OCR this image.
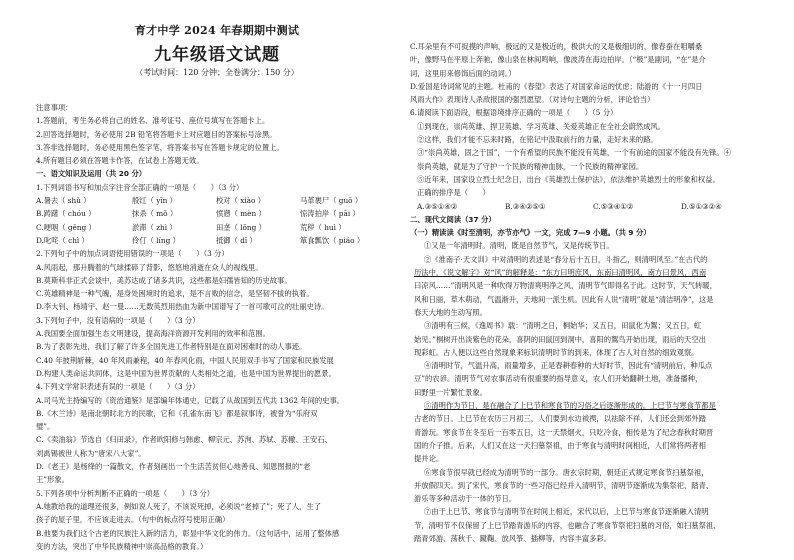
育才中学 2024 年春期期中测试
九年级语文试题
（考试时间：120 分钟；全卷满分：150 分）
注意事项：
1.答题前，考生务必将自己的姓名、准考证号、座位号填写在答题卡上。
2.回答选择题时，务必使用 2B 铅笔将答题卡上对应题目的答案标号涂黑。
3.答非选择题时，务必使用黑色签字笔，将答案书写在答题卡规定的位置上。
4.所有题目必须在答题卡作答，在试卷上答题无效。
一、语文知识及运用（共 20 分）
1.下列词语书写和加点字注音全部正确的一项是（　　）（3 分）
A.暑去（ shǔ ）	殷红（ yīn ）	校对（ xiào ）	马革裹尸（ guǒ ）
B.踌躇（ chóu ）	抹杀（ mǒ ）	愤懑（ mèn ）	惊涛拍岸（ pāi ）
C.哽咽（ gěng ）	淤滞（ zhì ）	田垄（ lǒng ）	荒秽（ huì ）
D.叱咤（ chì ）	伶仃（ líng ）	抵御（ dǐ ）	箪食瓢饮（ piáo ）
2.下列句子中的加点词语使用错误的一项是（　　）（3 分）
A.风雨起，那升腾着的气球揉碎了背影，悠悠地消逝在众人的视线里。
B.莫斯科非正式会谈中，美苏达成了诸多共识，这些都是妇孺皆知的历史故事。
C.英雄精神是一种气魄，是身处困境时的追求，是不言败的信念，是坚韧不拔的执着。
D.李大钊、杨靖宇、赵一曼……无数英烈用热血为新中国谱写了一首可歌可泣的壮丽史诗。
3.下列句子中，没有语病的一项是（　　）（3 分）
A.我国要全面加强生态文明建设，提高海洋资源开发利用的效率和范围。
B.为了表彰先进，我们了解了许多全国先进工作者特别是在面对困难时的动人事迹。
C.40 年披荆斩棘，40 年风雨兼程，40 年春风化雨，中国人民用双手书写了国家和民族发展
D.构建人类命运共同体，这是中国为世界贡献的人类相处之道，也是中国为世界提出的愿景。
4.下列文学常识表述有误的一项是（　　）（3 分）
A.司马光主持编写的《资治通鉴》是部编年体通史，记载了从战国到五代共 1362 年间的史事。
B.《木兰诗》是南北朝时北方的民歌，它和《孔雀东南飞》都是叙事诗，被誉为“乐府双
璧”。
C.《卖油翁》节选自《归田录》，作者欧阳修与韩愈、柳宗元、苏洵、苏轼、苏辙、王安石、
刘禹锡被世人称为“唐宋八大家”。
D.《老王》是杨绛的一篇散文，作者刻画出一个生活苦贫但心地善良、知恩图报的“老
王”形象。
5.下列各项中分析判断不正确的一项是（　　）（3 分）
A.她教给我的道理还很多，例如说人死了，不该说死掉，必须说“老掉了”；死了人，生了
孩子的屋子里，不应该走进去。（句中的标点符号使用正确）
B.他要为我们这个古老的民族注入新的活力，彰显中华文化的伟力。（这句话中，运用了整体感
变的方法，突出了中华民族精神中崇高品格的教育。）
C.耳朵里有不可捉摸的声响，极远的又是极近的，极洪大的又是极细切的，像春蚕在咀嚼桑
叶，像野马在平原上奔驰，像山泉在林间鸣响，像波涛在海边拍岸。（“极”是副词，“在”是介
词，这里用来修饰后面的动词。）
D.爱国是诗词常见的主题。杜甫的《春望》表达了对国家命运的忧虑；陆游的《十一月四日
风雨大作》表现诗人杀敌报国的强烈愿望。（对诗句主题的分析，评论恰当）
6.请阅读下面语段，根据语境排序正确的一项是（　　）（5 分）
①到现在，崇尚英雄、捍卫英雄、学习英雄、关爱英雄正在全社会蔚然成风。
②这样，我们才能不忘来时路，在铭记中汲取前行的力量，走好未来的路。
③“崇尚英雄，固之于国”，一个有希望的民族不能没有英雄，一个有前途的国家不能没有先锋。④
崇尚英雄，就是为了守护一个民族的精神血脉，一个民族的精神家园。
⑤近年来，国家设立烈士纪念日，出台《英雄烈士保护法》，依法维护英雄烈士的形象和权益。
正确的排序是（　　）
A.③⑤①④②	B.③④②⑤①	C.⑤③④①②	D.⑤①③②④
二、现代文阅读（37 分）
（一）精读读《时至清明，亦节亦气》一文，完成 7—9 小题。（共 9 分）
①又是一年清明时。清明，既是自然节气，又是传统节日。
②《淮南子·天文训》中对清明的表述是“春分后十五日，斗指乙，则清明风至。”在古代的
历法中，《说文解字》对“风”的解释是：“东方曰明庶风，东南曰清明风，南方曰景风，西南
曰凉风……”清明风是一种吹得万物清爽明净之风，清明节气即得名于此。这时节，天气转暖，
风和日丽，草木萌动，气温渐升，天地间一派生机。因此有人说“清明”就是“清洁明净”，这是
春天大地的生动写照。
③清明有三候，《逸周书》载：“清明之日，桐始华；又五日，田鼠化为鴽；又五日，虹
始见。”桐树开出淡紫色的花朵，喜阴的田鼠回到洞中，喜阳的鴽鸟开始出现，雨后的天空出
现彩虹。古人便以这些自然现象来标识清明时节的到来，体现了古人对自然的细致观察。
④清明时节，气温升高，雨量增多，正是春耕春种的大好时节，因此有“清明前后，种瓜点
豆”的农谚。清明节气对农事活动有很重要的指导意义，农人们开始翻耕土地，准备播种，
田野里一片繁忙景象。
⑤清明作为节日，是在融合了上巳节和寒食节的习俗之后逐渐形成的。上巳节与寒食节都是
古老的节日。上巳节在农历三月初三，人们要到水边祓禊，以祛除不祥，人们还会到郊外踏
青游玩。寒食节在冬至后一百零五日，这一天禁烟火，只吃冷食，相传是为了纪念春秋时期晋
国的介子推。后来，人们又在这一天扫墓祭祖，由于寒食与清明时间相近，人们常将两者相
提并论。
⑥寒食节很早就已经成为清明节的一部分。唐玄宗时期，朝廷正式规定寒食节扫墓祭祖，
并放假四天。到了宋代，寒食节的一些习俗已经并入清明节，清明节逐渐成为集祭祀、踏青、
游乐等多种活动于一体的节日。
⑦由于上巳节、寒食节与清明节在时间上相近，宋代以后，上巳节与寒食节逐渐融入清明
节，清明节不仅保留了上巳节踏青游乐的内容，也融合了寒食节祭祀扫墓的习俗，如扫墓祭祖、
踏青郊游、荡秋千、蹴鞠、放风筝、插柳等，内容丰富多彩。
